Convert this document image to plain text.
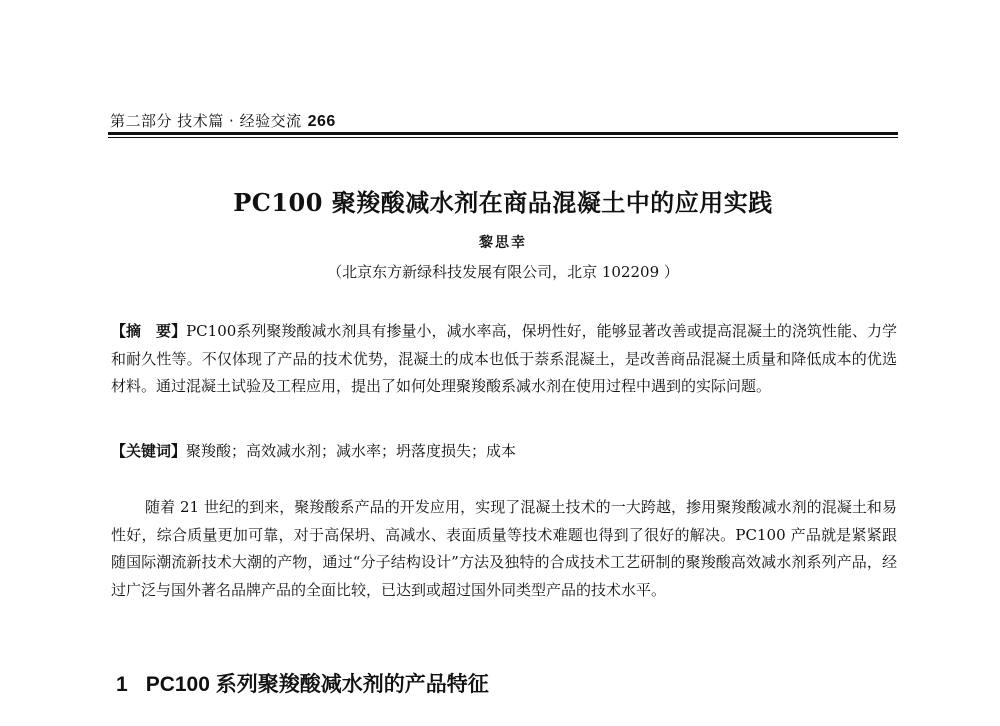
第二部分 技术篇 · 经验交流 266
PC100 聚羧酸减水剂在商品混凝土中的应用实践
黎思幸
（北京东方新绿科技发展有限公司，北京 102209 ）
【摘　要】PC100系列聚羧酸减水剂具有掺量小，减水率高，保坍性好，能够显著改善或提高混凝土的浇筑性能、力学和耐久性等。不仅体现了产品的技术优势，混凝土的成本也低于萘系混凝土，是改善商品混凝土质量和降低成本的优选材料。通过混凝土试验及工程应用，提出了如何处理聚羧酸系减水剂在使用过程中遇到的实际问题。
【关键词】聚羧酸；高效减水剂；减水率；坍落度损失；成本
随着 21 世纪的到来，聚羧酸系产品的开发应用，实现了混凝土技术的一大跨越，掺用聚羧酸减水剂的混凝土和易性好，综合质量更加可靠，对于高保坍、高减水、表面质量等技术难题也得到了很好的解决。PC100 产品就是紧紧跟随国际潮流新技术大潮的产物，通过“分子结构设计”方法及独特的合成技术工艺研制的聚羧酸高效减水剂系列产品，经过广泛与国外著名品牌产品的全面比较，已达到或超过国外同类型产品的技术水平。
1 PC100 系列聚羧酸减水剂的产品特征
